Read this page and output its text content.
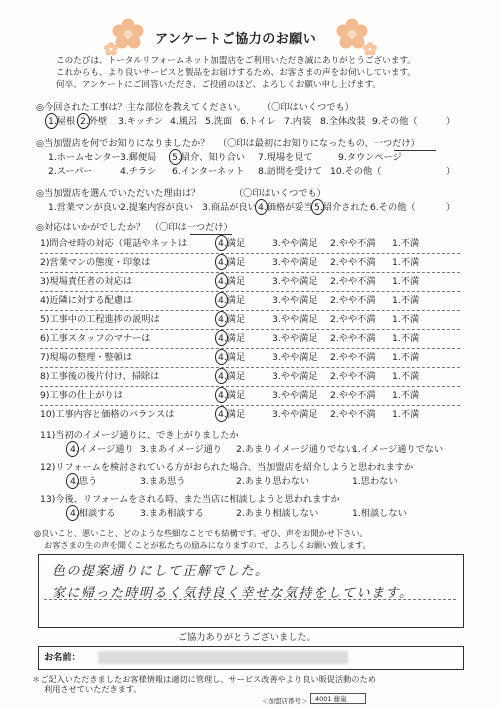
アンケートご協力のお願い
このたびは、トータルリフォームネット加盟店をご利用いただき誠にありがとうございます。
これからも、より良いサービスと製品をお届けするため、お客さまの声をお伺いしています。
何卒、アンケートにご回答いただき、ご投函のほど、よろしくお願い申し上げます。
◎今回された工事は？主な部位を教えてください。 （〇印はいくつでも）
1.屋根 2.外壁 3.キッチン 4.風呂 5.洗面 6.トイレ 7.内装 8.全体改装 9.その他（	）
◎当加盟店を何でお知りになりましたか？ （〇印は最初にお知りになったもの、一つだけ）
1.ホームセンター 3.郵便局 5.紹介、知り合い 7.現場を見て	9.タウンページ
2.スーパー	4.チラシ 6.インターネット 8.訪問を受けて 10.その他（	）
◎当加盟店を選んでいただいた理由は？	（〇印はいくつでも）
1.営業マンが良い
2.提案内容が良い 3.商品が良い 4.価格が妥当 5.紹介された 6.その他（	）
◎対応はいかがでしたか？ （〇印は一つだけ）
1)問合せ時の対応（電話やネットは	4.満足	3.やや満足 2.やや不満 1.不満
2)営業マンの態度・印象は	4.満足	3.やや満足 2.やや不満 1.不満
3)現場責任者の対応は	4.満足	3.やや満足 2.やや不満 1.不満
4)近隣に対する配慮は	4.満足	3.やや満足 2.やや不満 1.不満
5)工事中の工程進捗の説明は	4.満足	3.やや満足 2.やや不満 1.不満
6)工事スタッフのマナーは	4.満足	3.やや満足 2.やや不満 1.不満
7)現場の整理・整頓は	4.満足	3.やや満足 2.やや不満 1.不満
8)工事後の後片付け、掃除は	4.満足	3.やや満足 2.やや不満 1.不満
9)工事の仕上がりは	4.満足	3.やや満足 2.やや不満 1.不満
10)工事内容と価格のバランスは	4.満足	3.やや満足 2.やや不満 1.不満
11)当初のイメージ通りに、でき上がりましたか
4.イメージ通り 3.まあイメージ通り 2.あまりイメージ通りでない
1.イメージ通りでない
12)リフォームを検討されている方がおられた場合、当加盟店を紹介しようと思われますか
4.思う	3.まあ思う	2.あまり思わない	1.思わない
13)今後、リフォームをされる時、また当店に相談しようと思われますか
4.相談する	3.まあ相談する	2.あまり相談しない	1.相談しない
◎良いこと、悪いこと、どのような些細なことでも結構です。ぜひ、声をお聞かせ下さい。
お客さまの生の声を聞くことが私たちの励みになりますので、よろしくお願い致します。
色の提案通りにして正解でした。
家に帰った時明るく気持良く幸せな気持をしています。
ご協力ありがとうございました。
お名前：
＊ご記入いただきましたお客様情報は適切に管理し、サービス改善やより良い販促活動のため
利用させていただきます。
＜加盟店番号＞	4001 藤嵐
